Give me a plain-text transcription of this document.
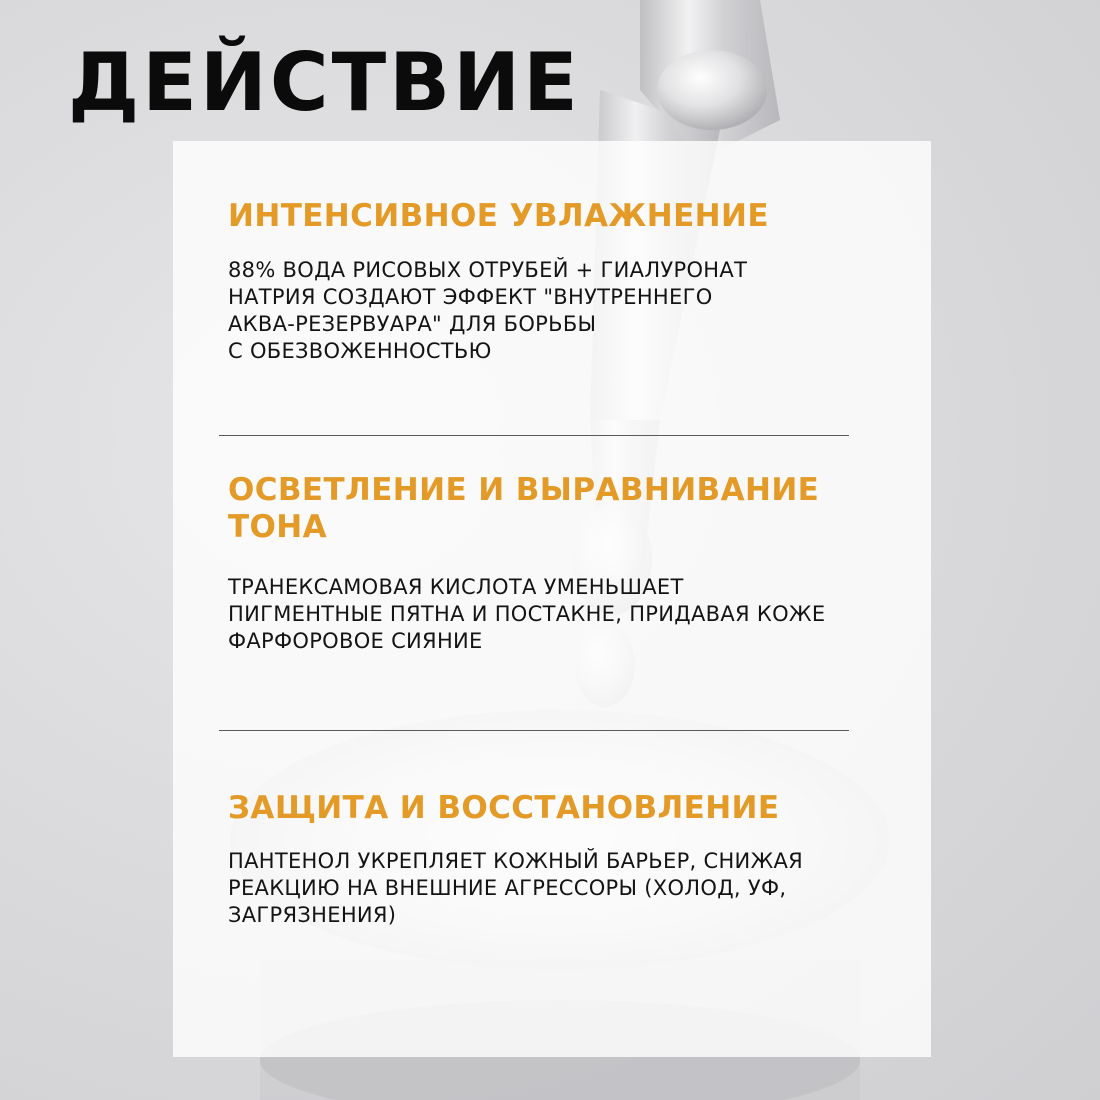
ДЕЙСТВИЕ
ИНТЕНСИВНОЕ УВЛАЖНЕНИЕ

88% ВОДА РИСОВЫХ ОТРУБЕЙ + ГИАЛУРОНАТ

НАТРИЯ СОЗДАЮТ ЭФФЕКТ "ВНУТРЕННЕГО

АКВА-РЕЗЕРВУАРА" ДЛЯ БОРЬБЫ

С ОБЕЗВОЖЕННОСТЬЮ

ОСВЕТЛЕНИЕ И ВЫРАВНИВАНИЕ
ТОНА

ТРАНЕКСАМОВАЯ КИСЛОТА УМЕНЬШАЕТ

ПИГМЕНТНЫЕ ПЯТНА И ПОСТАКНЕ, ПРИДАВАЯ КОЖЕ

ФАРФОРОВОЕ СИЯНИЕ

ЗАЩИТА И ВОССТАНОВЛЕНИЕ

ПАНТЕНОЛ УКРЕПЛЯЕТ КОЖНЫЙ БАРЬЕР, СНИЖАЯ

РЕАКЦИЮ НА ВНЕШНИЕ АГРЕССОРЫ (ХОЛОД, УФ,

ЗАГРЯЗНЕНИЯ)
